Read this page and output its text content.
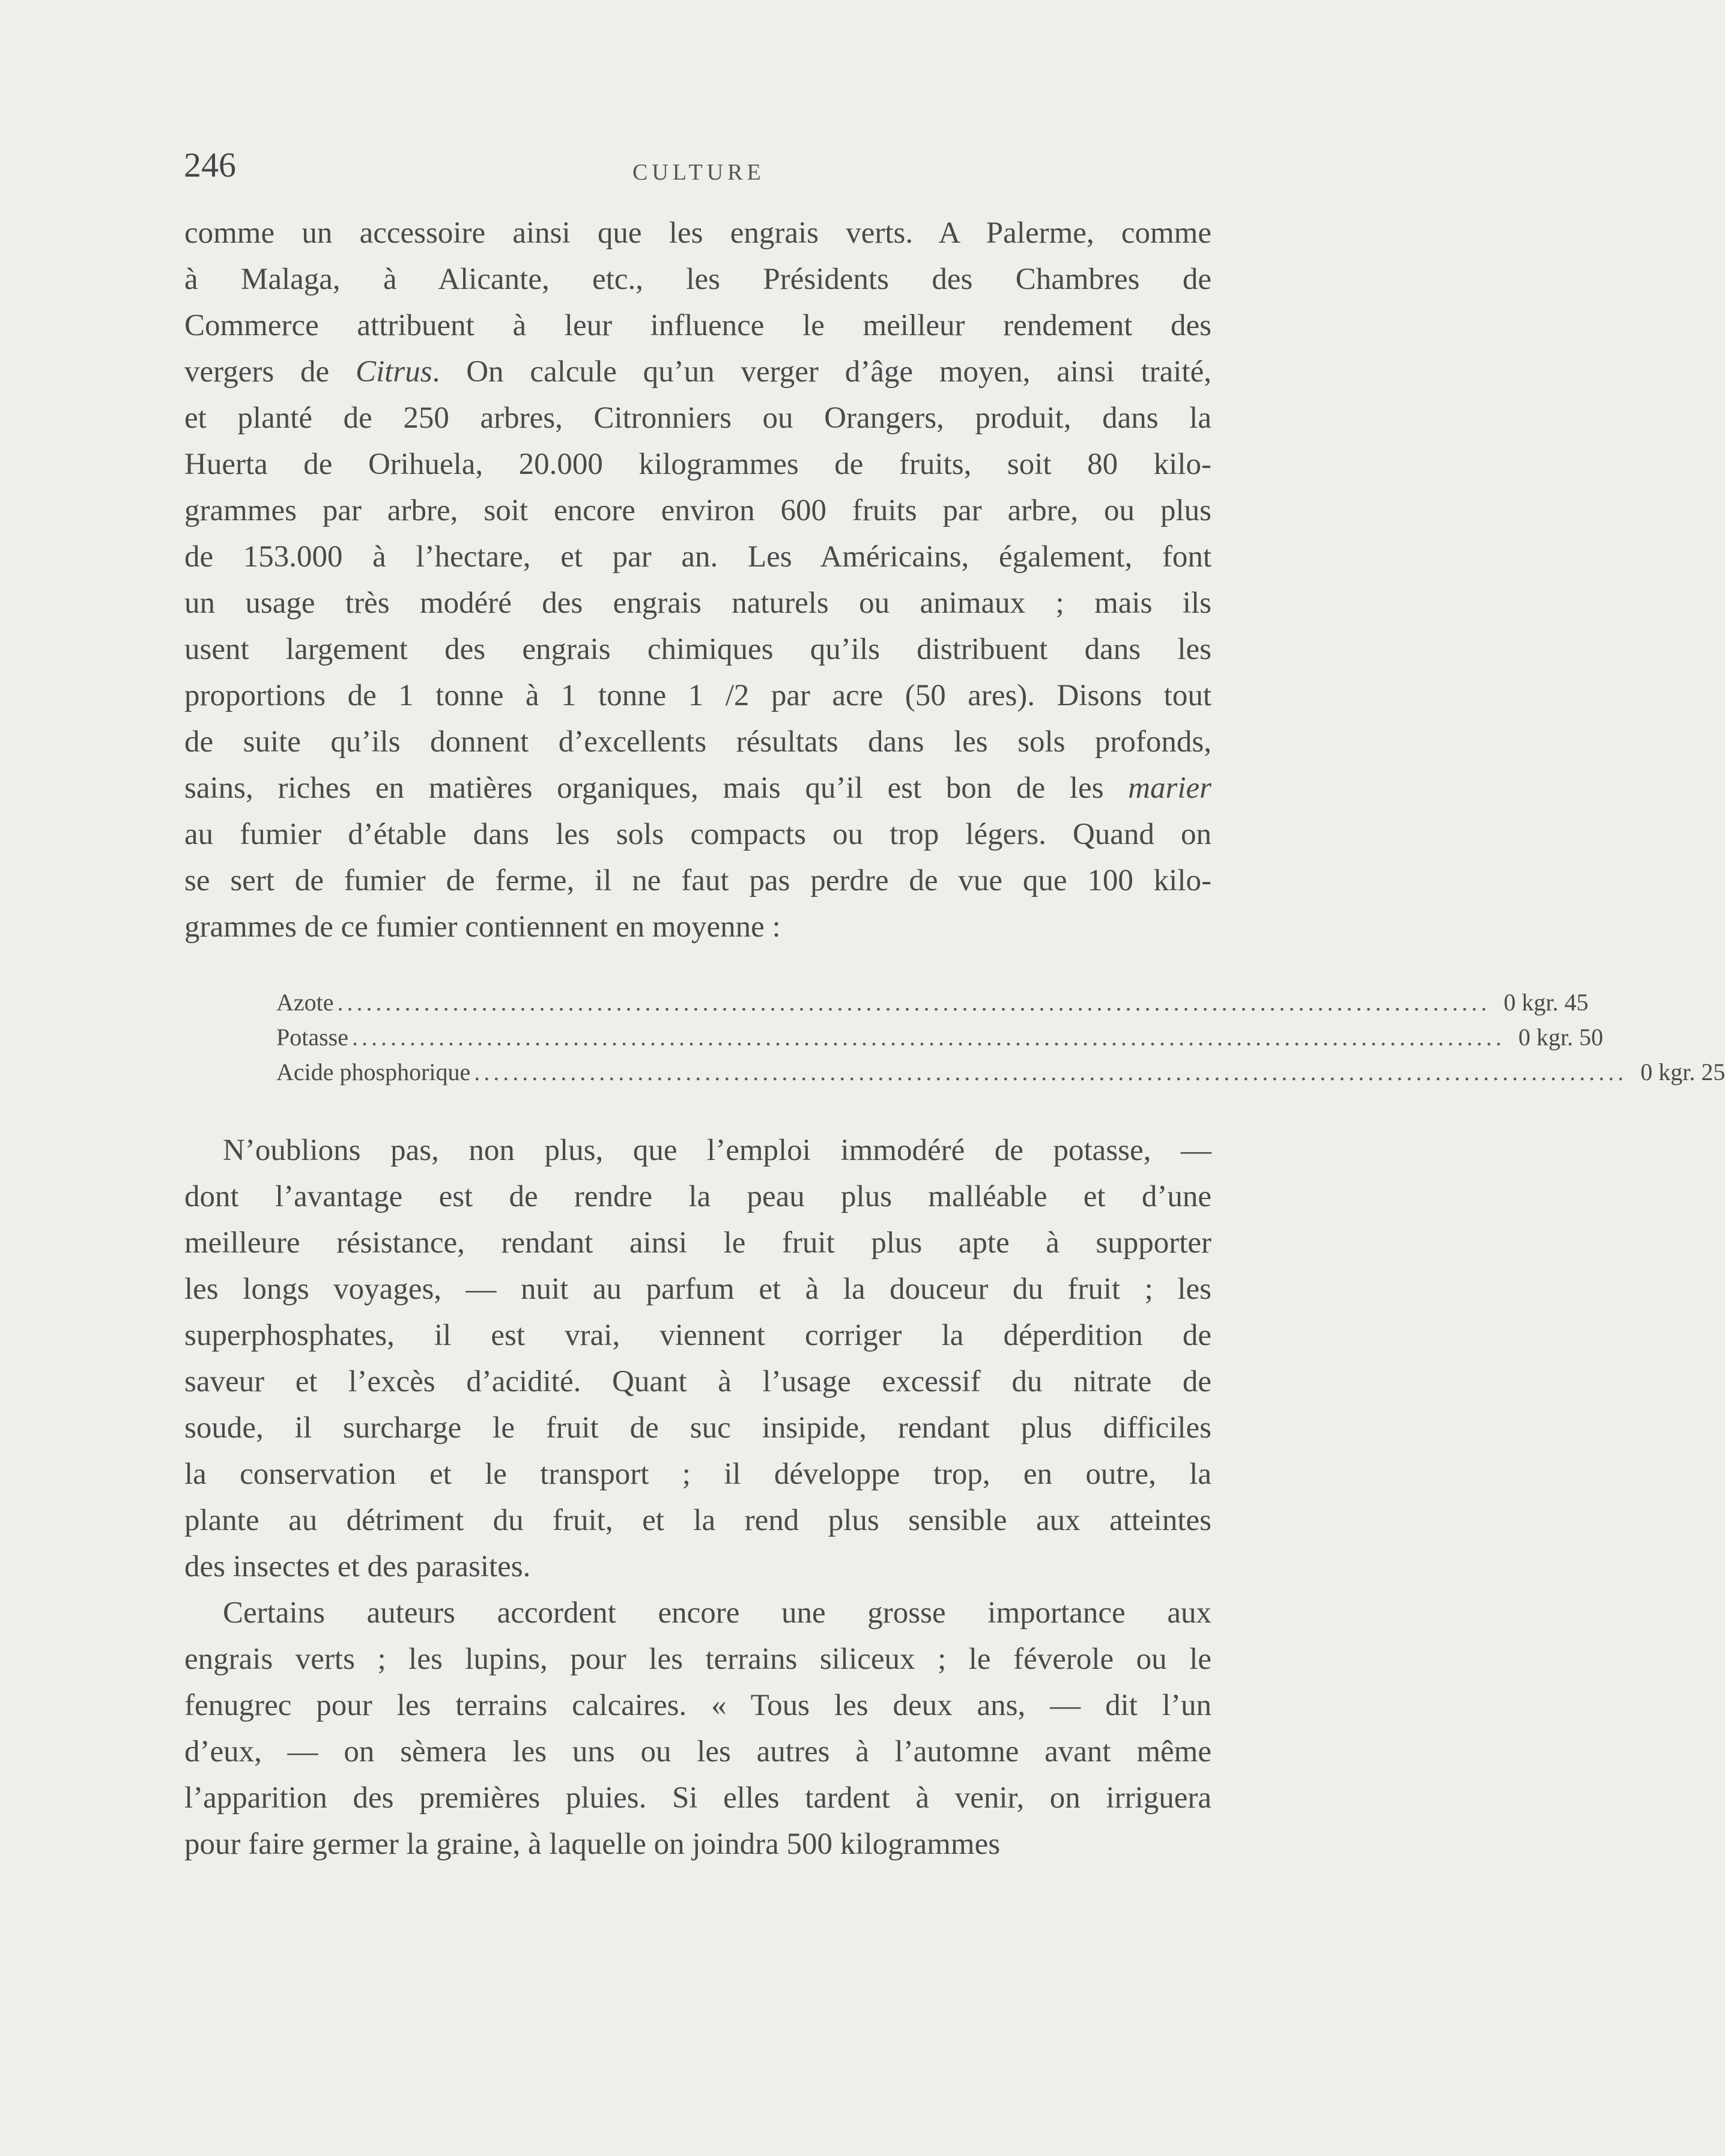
246	CULTURE
comme un accessoire ainsi que les engrais verts. A Palerme, comme
à Malaga, à Alicante, etc., les Présidents des Chambres de
Commerce attribuent à leur influence le meilleur rendement des
vergers de Citrus. On calcule qu’un verger d’âge moyen, ainsi traité,
et planté de 250 arbres, Citronniers ou Orangers, produit, dans la
Huerta de Orihuela, 20.000 kilogrammes de fruits, soit 80 kilo-
grammes par arbre, soit encore environ 600 fruits par arbre, ou plus
de 153.000 à l’hectare, et par an. Les Américains, également, font
un usage très modéré des engrais naturels ou animaux ; mais ils
usent largement des engrais chimiques qu’ils distribuent dans les
proportions de 1 tonne à 1 tonne 1 /2 par acre (50 ares). Disons tout
de suite qu’ils donnent d’excellents résultats dans les sols profonds,
sains, riches en matières organiques, mais qu’il est bon de les marier
au fumier d’étable dans les sols compacts ou trop légers. Quand on
se sert de fumier de ferme, il ne faut pas perdre de vue que 100 kilo-
grammes de ce fumier contiennent en moyenne :
Azote ........................................................................................................................ 0 kgr. 45
Potasse ........................................................................................................................ 0 kgr. 50
Acide phosphorique ........................................................................................................................ 0 kgr. 25
N’oublions pas, non plus, que l’emploi immodéré de potasse, —
dont l’avantage est de rendre la peau plus malléable et d’une
meilleure résistance, rendant ainsi le fruit plus apte à supporter
les longs voyages, — nuit au parfum et à la douceur du fruit ; les
superphosphates, il est vrai, viennent corriger la déperdition de
saveur et l’excès d’acidité. Quant à l’usage excessif du nitrate de
soude, il surcharge le fruit de suc insipide, rendant plus difficiles
la conservation et le transport ; il développe trop, en outre, la
plante au détriment du fruit, et la rend plus sensible aux atteintes
des insectes et des parasites.
Certains auteurs accordent encore une grosse importance aux
engrais verts ; les lupins, pour les terrains siliceux ; le féverole ou le
fenugrec pour les terrains calcaires. « Tous les deux ans, — dit l’un
d’eux, — on sèmera les uns ou les autres à l’automne avant même
l’apparition des premières pluies. Si elles tardent à venir, on irriguera
pour faire germer la graine, à laquelle on joindra 500 kilogrammes
